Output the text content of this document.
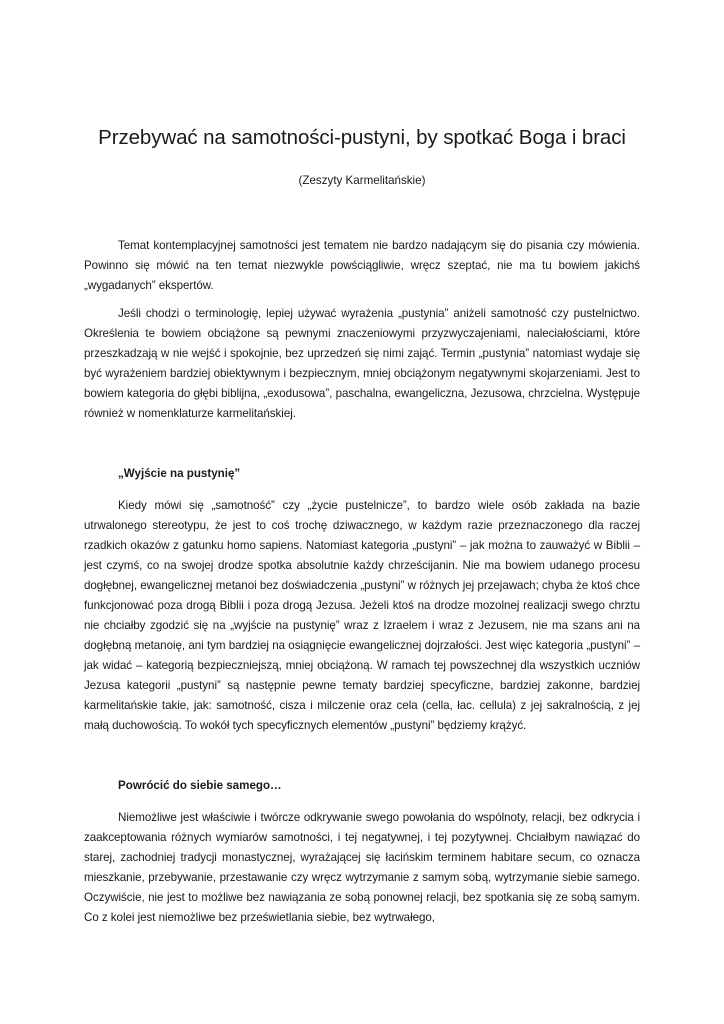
Przebywać na samotności-pustyni, by spotkać Boga i braci

(Zeszyty Karmelitańskie)

Temat kontemplacyjnej samotności jest tematem nie bardzo nadającym się do pisania czy mówienia. Powinno się mówić na ten temat niezwykle powściągliwie, wręcz szeptać, nie ma tu bowiem jakichś „wygadanych” ekspertów.

Jeśli chodzi o terminologię, lepiej używać wyrażenia „pustynia” aniżeli samotność czy pustelnictwo. Określenia te bowiem obciążone są pewnymi znaczeniowymi przyzwyczajeniami, naleciałościami, które przeszkadzają w nie wejść i spokojnie, bez uprzedzeń się nimi zająć. Termin „pustynia” natomiast wydaje się być wyrażeniem bardziej obiektywnym i bezpiecznym, mniej obciążonym negatywnymi skojarzeniami. Jest to bowiem kategoria do głębi biblijna, „exodusowa”, paschalna, ewangeliczna, Jezusowa, chrzcielna. Występuje również w nomenklaturze karmelitańskiej.

„Wyjście na pustynię”

Kiedy mówi się „samotność” czy „życie pustelnicze”, to bardzo wiele osób zakłada na bazie utrwalonego stereotypu, że jest to coś trochę dziwacznego, w każdym razie przeznaczonego dla raczej rzadkich okazów z gatunku homo sapiens. Natomiast kategoria „pustyni” – jak można to zauważyć w Biblii – jest czymś, co na swojej drodze spotka absolutnie każdy chrześcijanin. Nie ma bowiem udanego procesu dogłębnej, ewangelicznej metanoi bez doświadczenia „pustyni” w różnych jej przejawach; chyba że ktoś chce funkcjonować poza drogą Biblii i poza drogą Jezusa. Jeżeli ktoś na drodze mozolnej realizacji swego chrztu nie chciałby zgodzić się na „wyjście na pustynię” wraz z Izraelem i wraz z Jezusem, nie ma szans ani na dogłębną metanoię, ani tym bardziej na osiągnięcie ewangelicznej dojrzałości. Jest więc kategoria „pustyni” – jak widać – kategorią bezpieczniejszą, mniej obciążoną. W ramach tej powszechnej dla wszystkich uczniów Jezusa kategorii „pustyni” są następnie pewne tematy bardziej specyficzne, bardziej zakonne, bardziej karmelitańskie takie, jak: samotność, cisza i milczenie oraz cela (cella, łac. cellula) z jej sakralnością, z jej małą duchowością. To wokół tych specyficznych elementów „pustyni” będziemy krążyć.

Powrócić do siebie samego…

Niemożliwe jest właściwie i twórcze odkrywanie swego powołania do wspólnoty, relacji, bez odkrycia i zaakceptowania różnych wymiarów samotności, i tej negatywnej, i tej pozytywnej. Chciałbym nawiązać do starej, zachodniej tradycji monastycznej, wyrażającej się łacińskim terminem habitare secum, co oznacza mieszkanie, przebywanie, przestawanie czy wręcz wytrzymanie z samym sobą, wytrzymanie siebie samego. Oczywiście, nie jest to możliwe bez nawiązania ze sobą ponownej relacji, bez spotkania się ze sobą samym. Co z kolei jest niemożliwe bez prześwietlania siebie, bez wytrwałego,
